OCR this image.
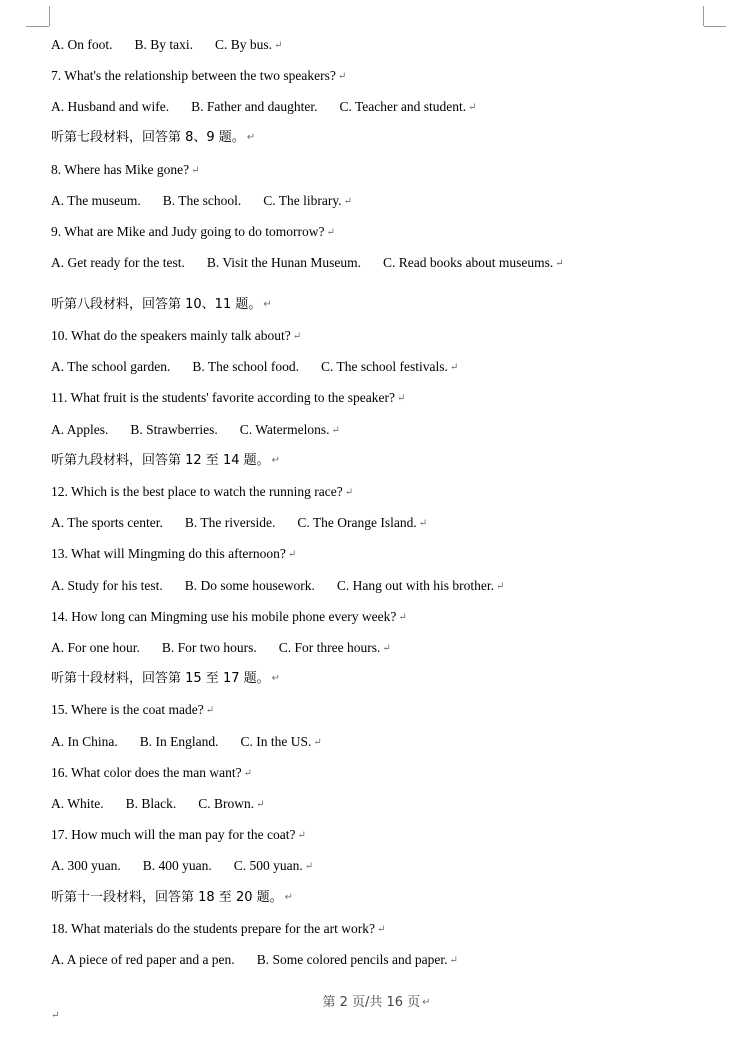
A. On foot. B. By taxi. C. By bus. ↵
7. What's the relationship between the two speakers? ↵
A. Husband and wife. B. Father and daughter. C. Teacher and student. ↵
听第七段材料，回答第 8、9 题。 ↵
8. Where has Mike gone? ↵
A. The museum. B. The school. C. The library. ↵
9. What are Mike and Judy going to do tomorrow? ↵
A. Get ready for the test. B. Visit the Hunan Museum. C. Read books about museums. ↵
听第八段材料，回答第 10、11 题。 ↵
10. What do the speakers mainly talk about? ↵
A. The school garden. B. The school food. C. The school festivals. ↵
11. What fruit is the students' favorite according to the speaker? ↵
A. Apples. B. Strawberries. C. Watermelons. ↵
听第九段材料，回答第 12 至 14 题。 ↵
12. Which is the best place to watch the running race? ↵
A. The sports center. B. The riverside. C. The Orange Island. ↵
13. What will Mingming do this afternoon? ↵
A. Study for his test. B. Do some housework. C. Hang out with his brother. ↵
14. How long can Mingming use his mobile phone every week? ↵
A. For one hour. B. For two hours. C. For three hours. ↵
听第十段材料，回答第 15 至 17 题。 ↵
15. Where is the coat made? ↵
A. In China. B. In England. C. In the US. ↵
16. What color does the man want? ↵
A. White. B. Black. C. Brown. ↵
17. How much will the man pay for the coat? ↵
A. 300 yuan. B. 400 yuan. C. 500 yuan. ↵
听第十一段材料，回答第 18 至 20 题。 ↵
18. What materials do the students prepare for the art work? ↵
A. A piece of red paper and a pen. B. Some colored pencils and paper. ↵
第 2 页/共 16 页 ↵
↵
